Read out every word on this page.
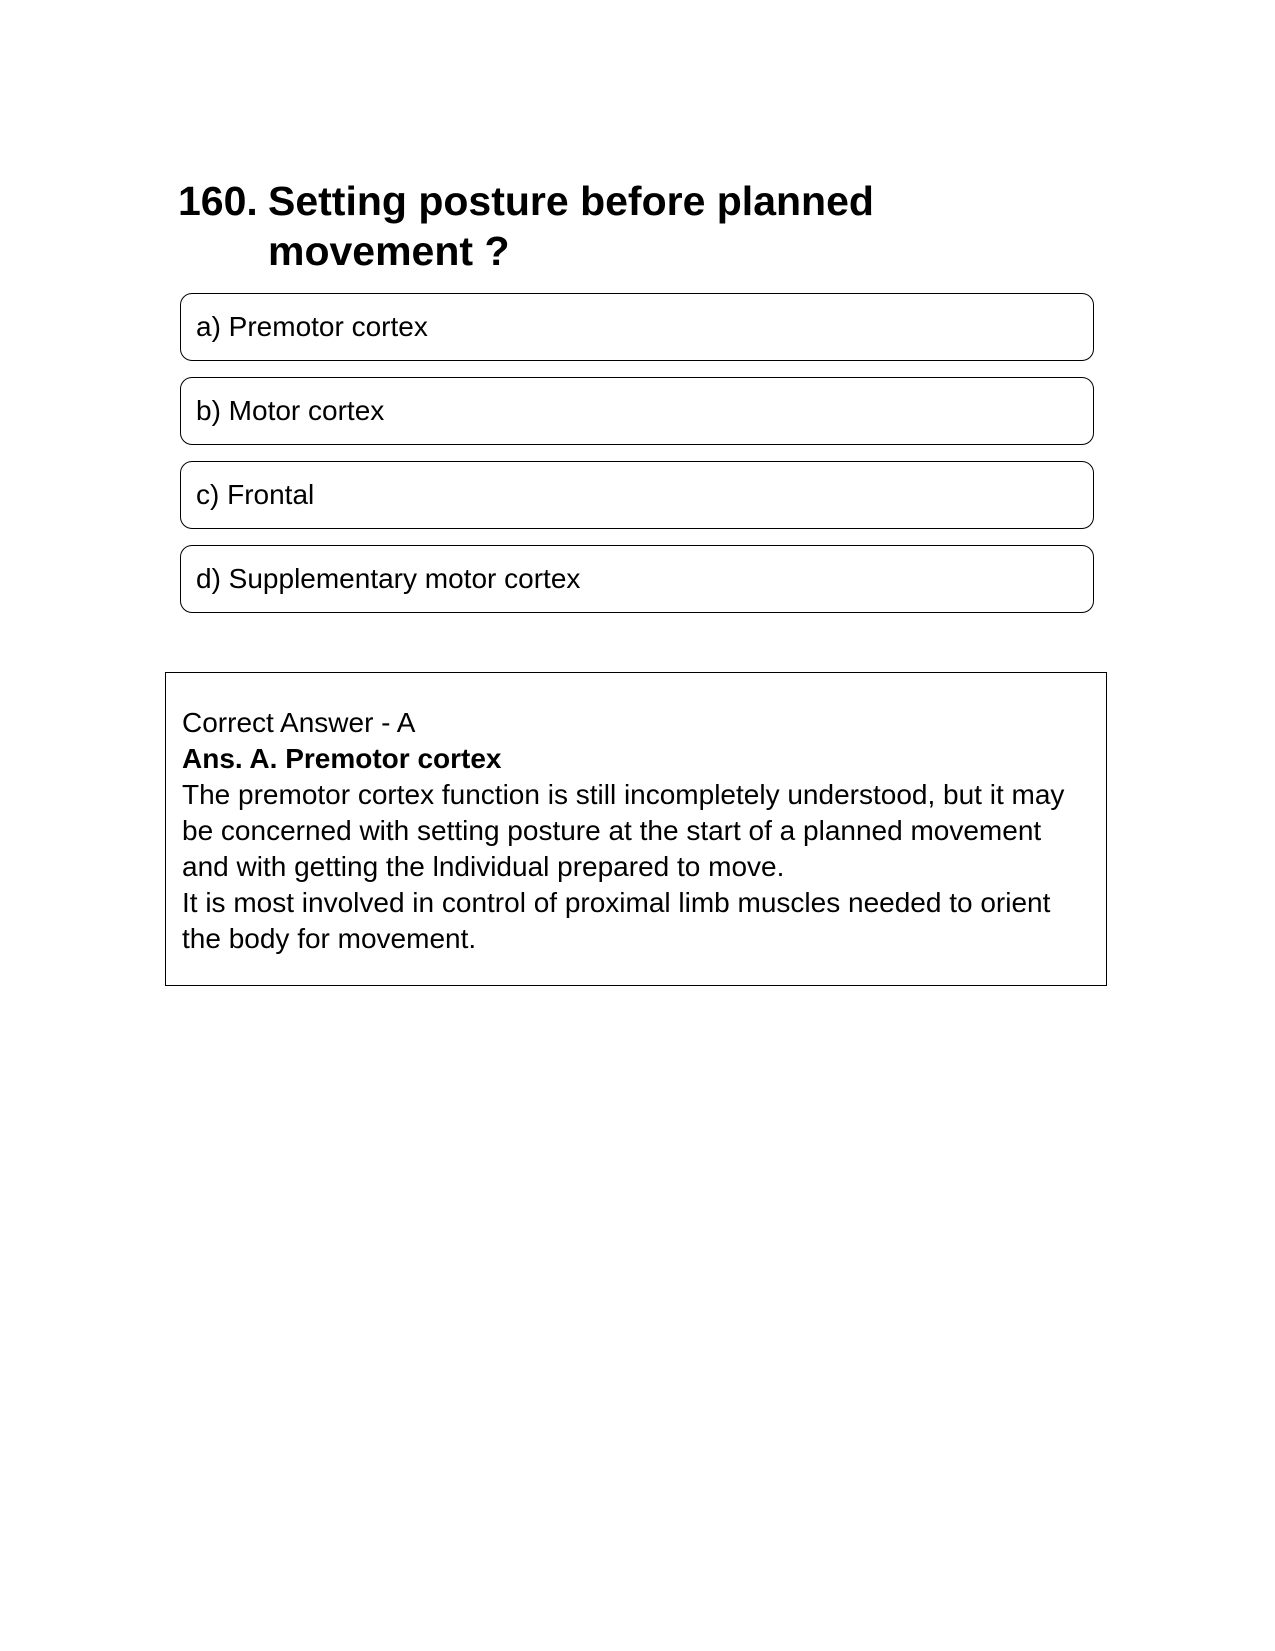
160. Setting posture before planned movement ?
a) Premotor cortex
b) Motor cortex
c) Frontal
d) Supplementary motor cortex

Correct Answer - A

Ans. A. Premotor cortex

The premotor cortex function is still incompletely understood, but it may be concerned with setting posture at the start of a planned movement and with getting the lndividual prepared to move.

It is most involved in control of proximal limb muscles needed to orient the body for movement.
